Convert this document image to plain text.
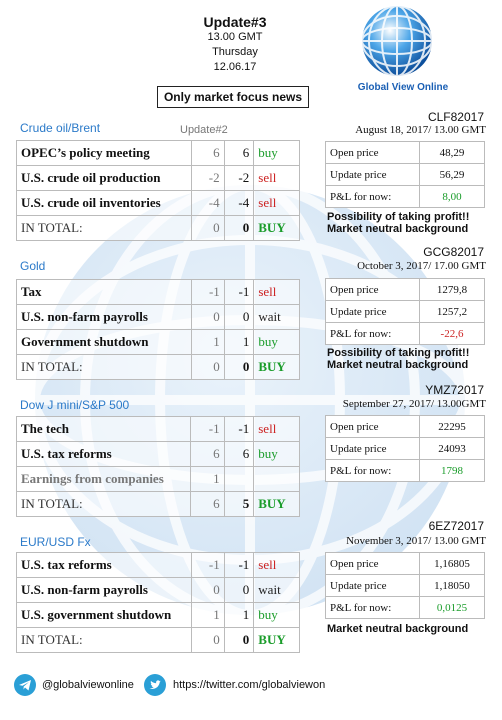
Update#3
13.00 GMT
Thursday
12.06.17
Only market focus news
Global View Online
Crude oil/Brent	Update#2
OPEC’s policy meeting	6	6	buy
U.S. crude oil production	-2	-2	sell
U.S. crude oil inventories	-4	-4	sell
IN TOTAL:	0	0	BUY
CLF82017
August 18, 2017/ 13.00 GMT
Open price	48,29
Update price	56,29
P&L for now:	8,00
Possibility of taking profit!!
Market neutral background
Gold
Tax	-1	-1	sell
U.S. non-farm payrolls	0	0	wait
Government shutdown	1	1	buy
IN TOTAL:	0	0	BUY
GCG82017
October 3, 2017/ 17.00 GMT
Open price	1279,8
Update price	1257,2
P&L for now:	-22,6
Possibility of taking profit!!
Market neutral background
Dow J mini/S&P 500
The tech	-1	-1	sell
U.S. tax reforms	6	6	buy
Earnings from companies	1		
IN TOTAL:	6	5	BUY
YMZ72017
September 27, 2017/ 13.00GMT
Open price	22295
Update price	24093
P&L for now:	1798
EUR/USD Fx
U.S. tax reforms	-1	-1	sell
U.S. non-farm payrolls	0	0	wait
U.S. government shutdown	1	1	buy
IN TOTAL:	0	0	BUY
6EZ72017
November 3, 2017/ 13.00 GMT
Open price	1,16805
Update price	1,18050
P&L for now:	0,0125
Market neutral background
@globalviewonline	https://twitter.com/globalviewon
